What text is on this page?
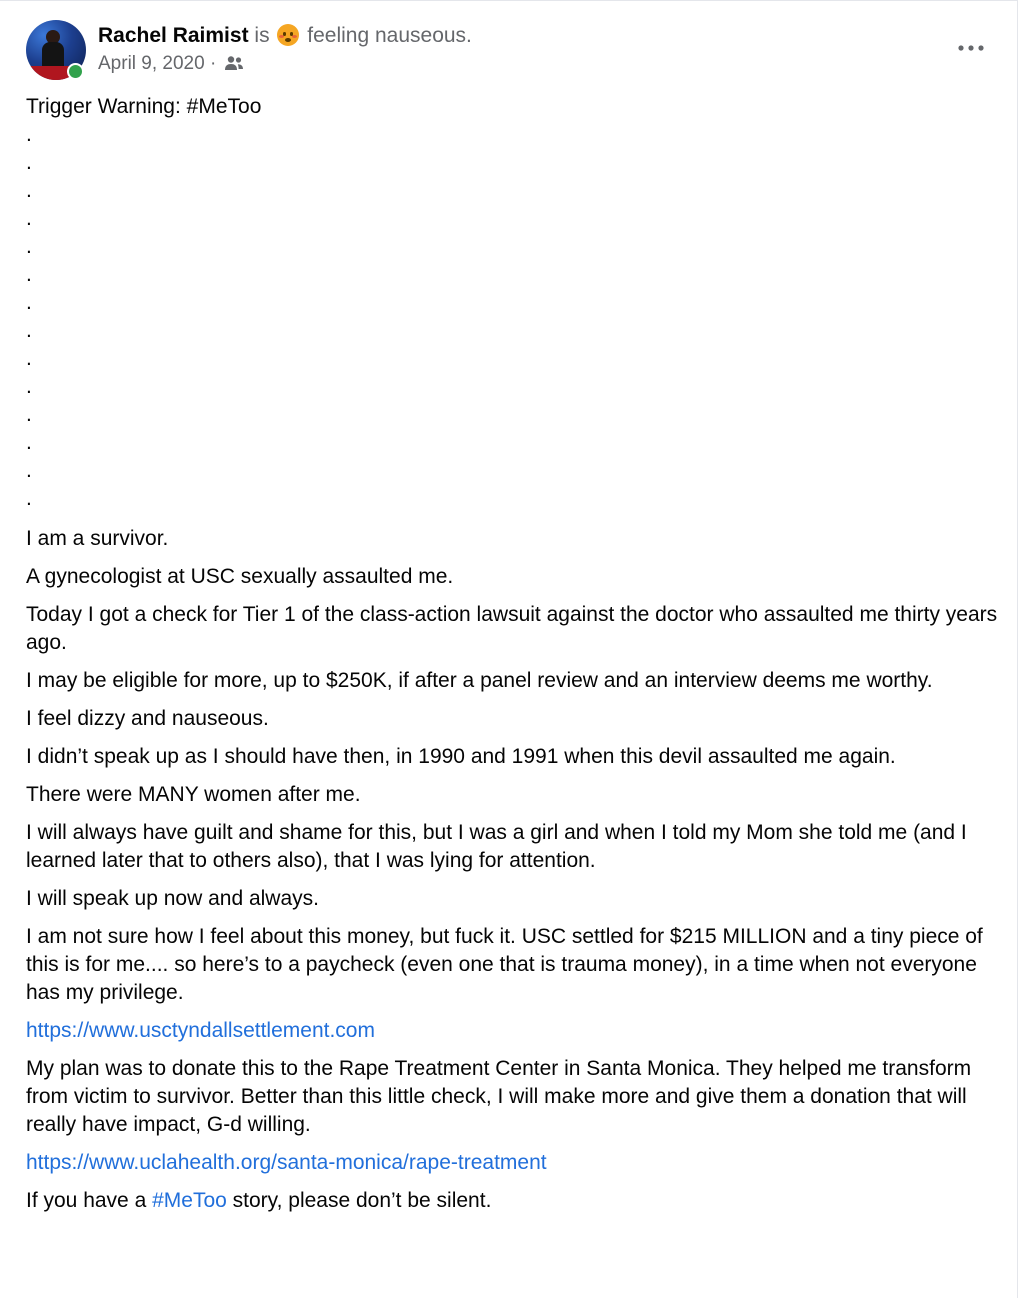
Rachel Raimist is feeling nauseous.
April 9, 2020 ·

Trigger Warning: #MeToo

.

.

.

.

.

.

.

.

.

.

.

.

.

.

I am a survivor.

A gynecologist at USC sexually assaulted me.

Today I got a check for Tier 1 of the class-action lawsuit against the doctor who assaulted me thirty years ago.

I may be eligible for more, up to $250K, if after a panel review and an interview deems me worthy.

I feel dizzy and nauseous.

I didn’t speak up as I should have then, in 1990 and 1991 when this devil assaulted me again.

There were MANY women after me.

I will always have guilt and shame for this, but I was a girl and when I told my Mom she told me (and I learned later that to others also), that I was lying for attention.

I will speak up now and always.

I am not sure how I feel about this money, but fuck it. USC settled for $215 MILLION and a tiny piece of this is for me.... so here’s to a paycheck (even one that is trauma money), in a time when not everyone has my privilege.

https://www.usctyndallsettlement.com

My plan was to donate this to the Rape Treatment Center in Santa Monica. They helped me transform from victim to survivor. Better than this little check, I will make more and give them a donation that will really have impact, G-d willing.

https://www.uclahealth.org/santa-monica/rape-treatment

If you have a #MeToo story, please don’t be silent.
